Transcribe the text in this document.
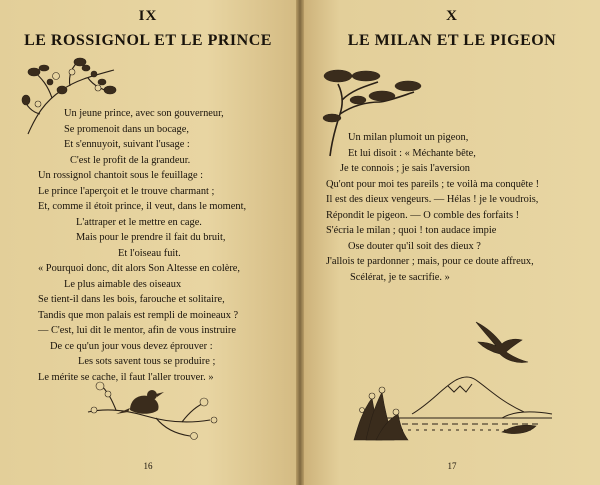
IX
LE ROSSIGNOL ET LE PRINCE
Un jeune prince, avec son gouverneur,
Se promenoit dans un bocage,
Et s'ennuyoit, suivant l'usage :
C'est le profit de la grandeur.
Un rossignol chantoit sous le feuillage :
Le prince l'aperçoit et le trouve charmant ;
Et, comme il étoit prince, il veut, dans le moment,
L'attraper et le mettre en cage.
Mais pour le prendre il fait du bruit,
Et l'oiseau fuit.
« Pourquoi donc, dit alors Son Altesse en colère,
Le plus aimable des oiseaux
Se tient-il dans les bois, farouche et solitaire,
Tandis que mon palais est rempli de moineaux ?
— C'est, lui dit le mentor, afin de vous instruire
De ce qu'un jour vous devez éprouver :
Les sots savent tous se produire ;
Le mérite se cache, il faut l'aller trouver. »
16
X
LE MILAN ET LE PIGEON
Un milan plumoit un pigeon,
Et lui disoit : « Méchante bête,
Je te connois ; je sais l'aversion
Qu'ont pour moi tes pareils ; te voilà ma conquête !
Il est des dieux vengeurs. — Hélas ! je le voudrois,
Répondit le pigeon. — O comble des forfaits !
S'écria le milan ; quoi ! ton audace impie
Ose douter qu'il soit des dieux ?
J'allois te pardonner ; mais, pour ce doute affreux,
Scélérat, je te sacrifie. »
17
